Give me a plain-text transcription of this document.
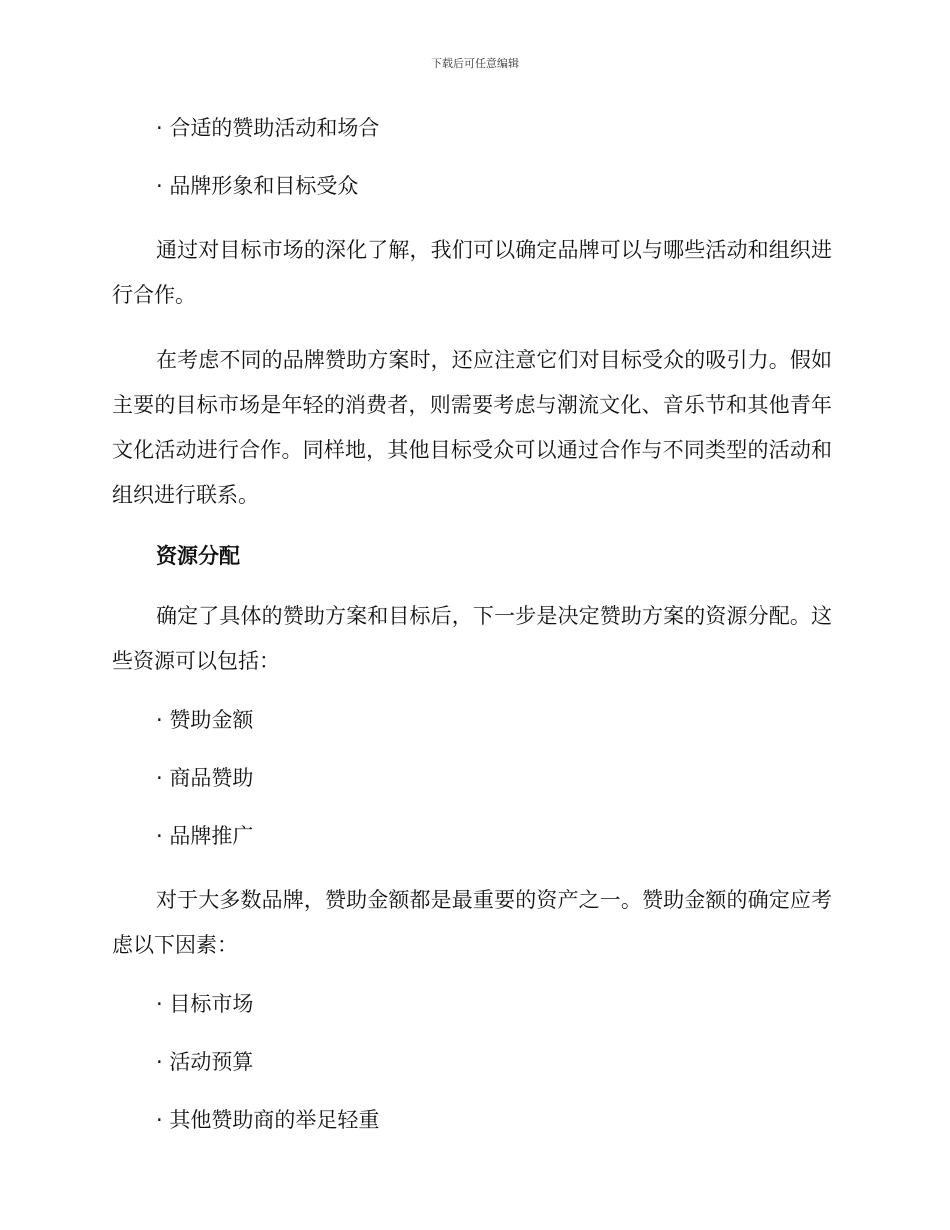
下载后可任意编辑
· 合适的赞助活动和场合
· 品牌形象和目标受众

通过对目标市场的深化了解，我们可以确定品牌可以与哪些活动和组织进行合作。

在考虑不同的品牌赞助方案时，还应注意它们对目标受众的吸引力。假如主要的目标市场是年轻的消费者，则需要考虑与潮流文化、音乐节和其他青年文化活动进行合作。同样地，其他目标受众可以通过合作与不同类型的活动和组织进行联系。

资源分配

确定了具体的赞助方案和目标后，下一步是决定赞助方案的资源分配。这些资源可以包括：

· 赞助金额
· 商品赞助
· 品牌推广

对于大多数品牌，赞助金额都是最重要的资产之一。赞助金额的确定应考虑以下因素：

· 目标市场
· 活动预算
· 其他赞助商的举足轻重
